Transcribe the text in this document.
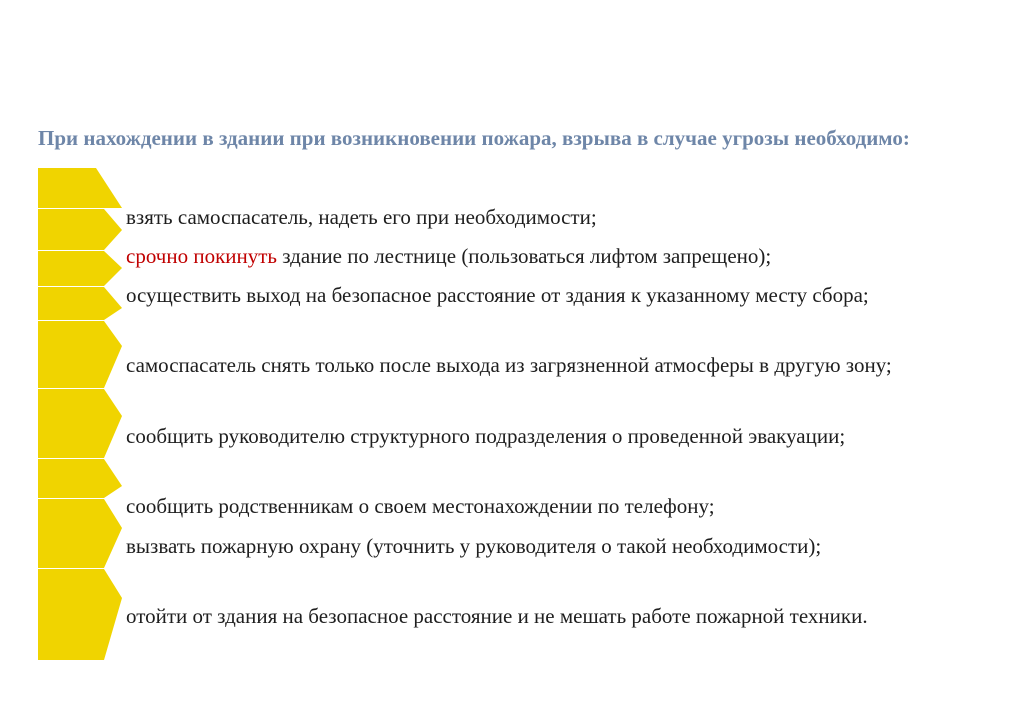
При нахождении в здании при возникновении пожара, взрыва в случае угрозы необходимо:

взять самоспасатель, надеть его при необходимости;
срочно покинуть здание по лестнице (пользоваться лифтом запрещено);
осуществить выход на безопасное расстояние от здания к указанному месту сбора;
самоспасатель снять только после выхода из загрязненной атмосферы в другую зону;
сообщить руководителю структурного подразделения о проведенной эвакуации;
сообщить родственникам о своем местонахождении по телефону;
вызвать пожарную охрану (уточнить у руководителя о такой необходимости);
отойти от здания на безопасное расстояние и не мешать работе пожарной техники.
